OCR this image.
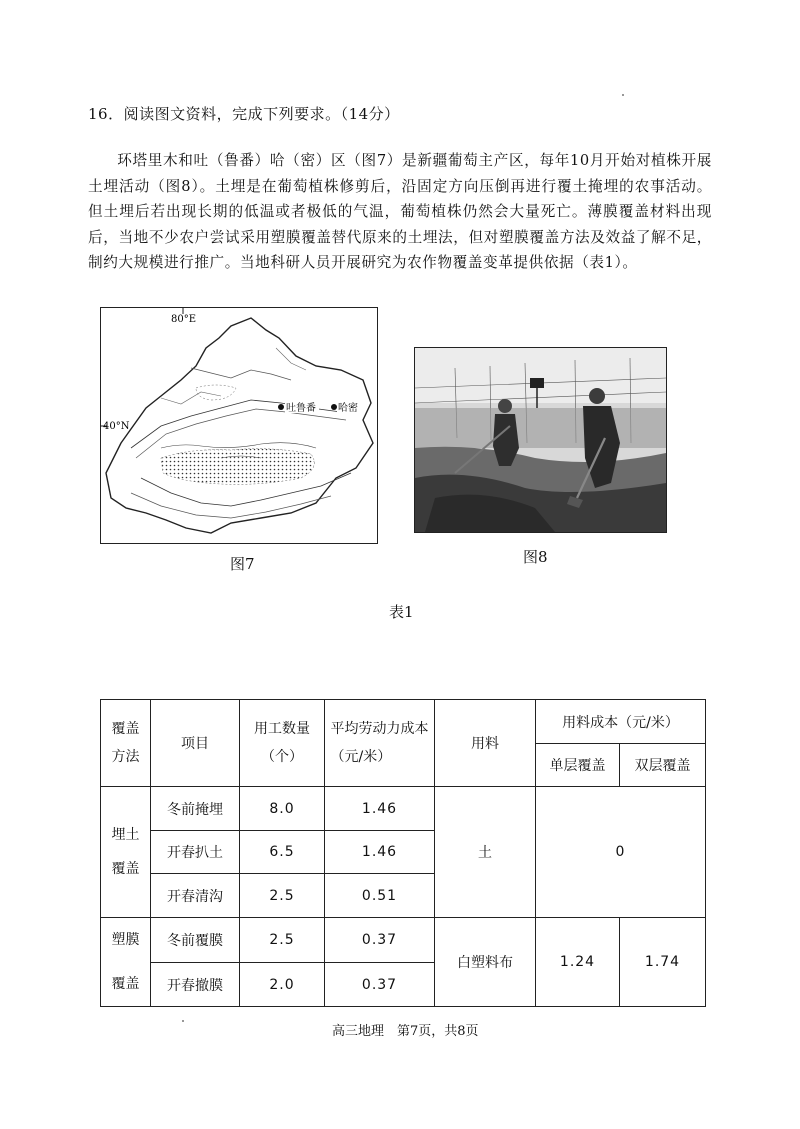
16．阅读图文资料，完成下列要求。（14分）
环塔里木和吐（鲁番）哈（密）区（图7）是新疆葡萄主产区，每年10月开始对植株开展土埋活动（图8）。土埋是在葡萄植株修剪后，沿固定方向压倒再进行覆土掩埋的农事活动。但土埋后若出现长期的低温或者极低的气温，葡萄植株仍然会大量死亡。薄膜覆盖材料出现后，当地不少农户尝试采用塑膜覆盖替代原来的土埋法，但对塑膜覆盖方法及效益了解不足，制约大规模进行推广。当地科研人员开展研究为农作物覆盖变革提供依据（表1）。
80°E
40°N
吐鲁番 哈密
图7	图8
表1
覆盖方法	项目	用工数量（个）	平均劳动力成本（元/米）	用料	用料成本（元/米）	
					单层覆盖	双层覆盖

埋土覆盖	冬前掩埋	8.0	1.46	土	0	
	开春扒土	6.5	1.46			
	开春清沟	2.5	0.51			

塑膜覆盖	冬前覆膜	2.5	0.37	白塑料布	1.24	1.74
	开春撤膜	2.0	0.37			
高三地理　第7页，共8页
